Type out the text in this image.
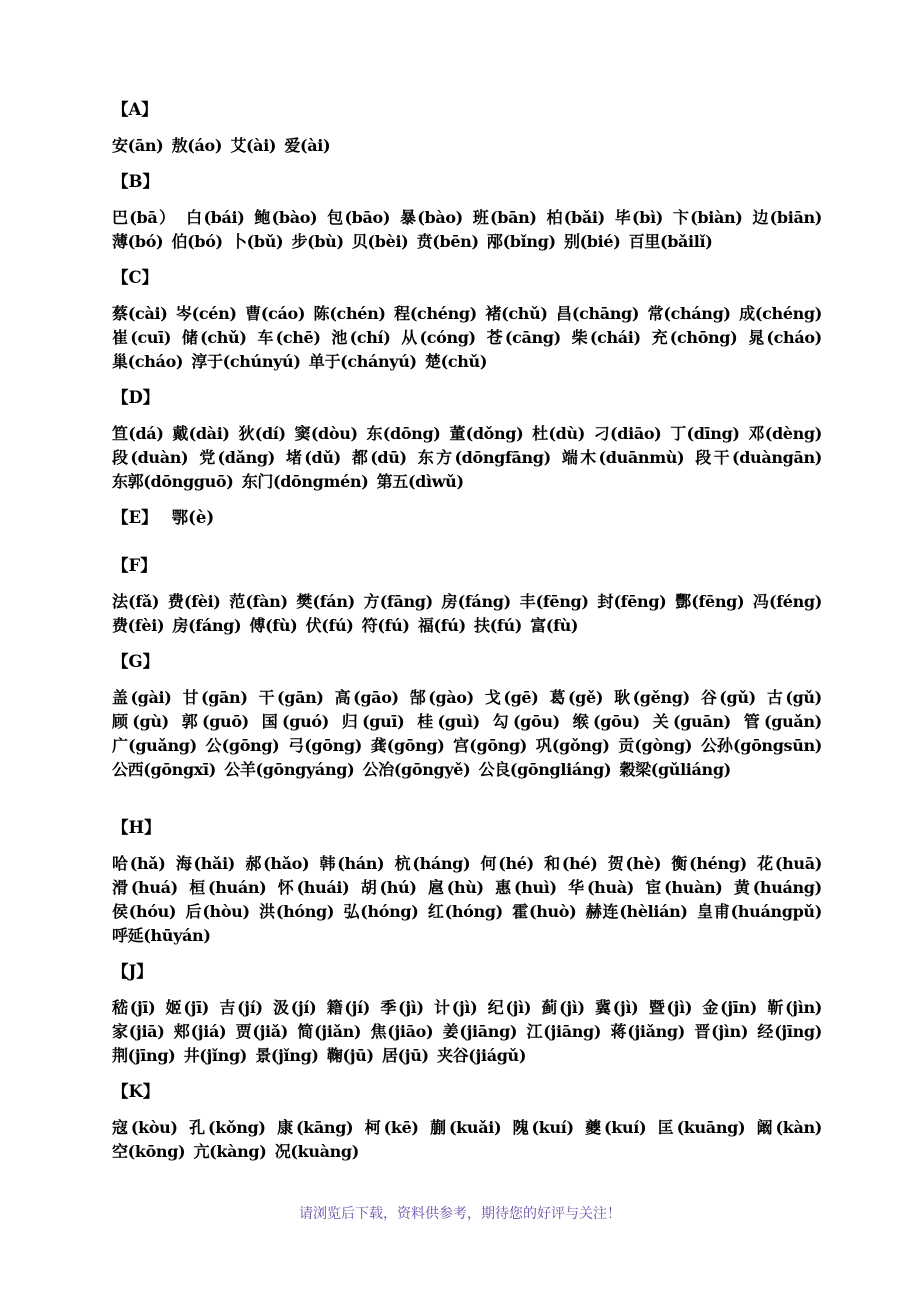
【A】
安(ān) 敖(áo) 艾(ài) 爱(ài)
【B】
巴(bā） 白(bái) 鲍(bào) 包(bāo) 暴(bào) 班(bān) 柏(bǎi) 毕(bì) 卞(biàn) 边(biān) 薄(bó) 伯(bó) 卜(bǔ) 步(bù) 贝(bèi) 贲(bēn) 邴(bǐng) 别(bié) 百里(bǎilǐ)
【C】
蔡(cài) 岑(cén) 曹(cáo) 陈(chén) 程(chéng) 褚(chǔ) 昌(chāng) 常(cháng) 成(chéng) 崔(cuī) 储(chǔ) 车(chē) 池(chí) 从(cóng) 苍(cāng) 柴(chái) 充(chōng) 晁(cháo) 巢(cháo) 淳于(chúnyú) 单于(chányú) 楚(chǔ)
【D】
笪(dá) 戴(dài) 狄(dí) 窦(dòu) 东(dōng) 董(dǒng) 杜(dù) 刁(diāo) 丁(dīng) 邓(dèng) 段(duàn) 党(dǎng) 堵(dǔ) 都(dū) 东方(dōngfāng) 端木(duānmù) 段干(duàngān) 东郭(dōngguō) 东门(dōngmén) 第五(dìwǔ)
【E】 鄂(è)
【F】
法(fǎ) 费(fèi) 范(fàn) 樊(fán) 方(fāng) 房(fáng) 丰(fēng) 封(fēng) 酆(fēng) 冯(féng) 费(fèi) 房(fáng) 傅(fù) 伏(fú) 符(fú) 福(fú) 扶(fú) 富(fù)
【G】
盖(gài) 甘(gān) 干(gān) 高(gāo) 郜(gào) 戈(gē) 葛(gě) 耿(gěng) 谷(gǔ) 古(gǔ) 顾(gù) 郭(guō) 国(guó) 归(guī) 桂(guì) 勾(gōu) 缑(gōu) 关(guān) 管(guǎn) 广(guǎng) 公(gōng) 弓(gōng) 龚(gōng) 宫(gōng) 巩(gǒng) 贡(gòng) 公孙(gōngsūn) 公西(gōngxī) 公羊(gōngyáng) 公冶(gōngyě) 公良(gōngliáng) 穀梁(gǔliáng)
【H】
哈(hǎ) 海(hǎi) 郝(hǎo) 韩(hán) 杭(háng) 何(hé) 和(hé) 贺(hè) 衡(héng) 花(huā) 滑(huá) 桓(huán) 怀(huái) 胡(hú) 扈(hù) 惠(huì) 华(huà) 宦(huàn) 黄(huáng) 侯(hóu) 后(hòu) 洪(hóng) 弘(hóng) 红(hóng) 霍(huò) 赫连(hèlián) 皇甫(huángpǔ) 呼延(hūyán)
【J】
嵇(jī) 姬(jī) 吉(jí) 汲(jí) 籍(jí) 季(jì) 计(jì) 纪(jì) 蓟(jì) 冀(jì) 暨(jì) 金(jīn) 靳(jìn) 家(jiā) 郏(jiá) 贾(jiǎ) 简(jiǎn) 焦(jiāo) 姜(jiāng) 江(jiāng) 蒋(jiǎng) 晋(jìn) 经(jīng) 荆(jīng) 井(jǐng) 景(jǐng) 鞠(jū) 居(jū) 夹谷(jiágǔ)
【K】
寇(kòu) 孔(kǒng) 康(kāng) 柯(kē) 蒯(kuǎi) 隗(kuí) 夔(kuí) 匡(kuāng) 阚(kàn) 空(kōng) 亢(kàng) 况(kuàng)
请浏览后下载，资料供参考，期待您的好评与关注！
